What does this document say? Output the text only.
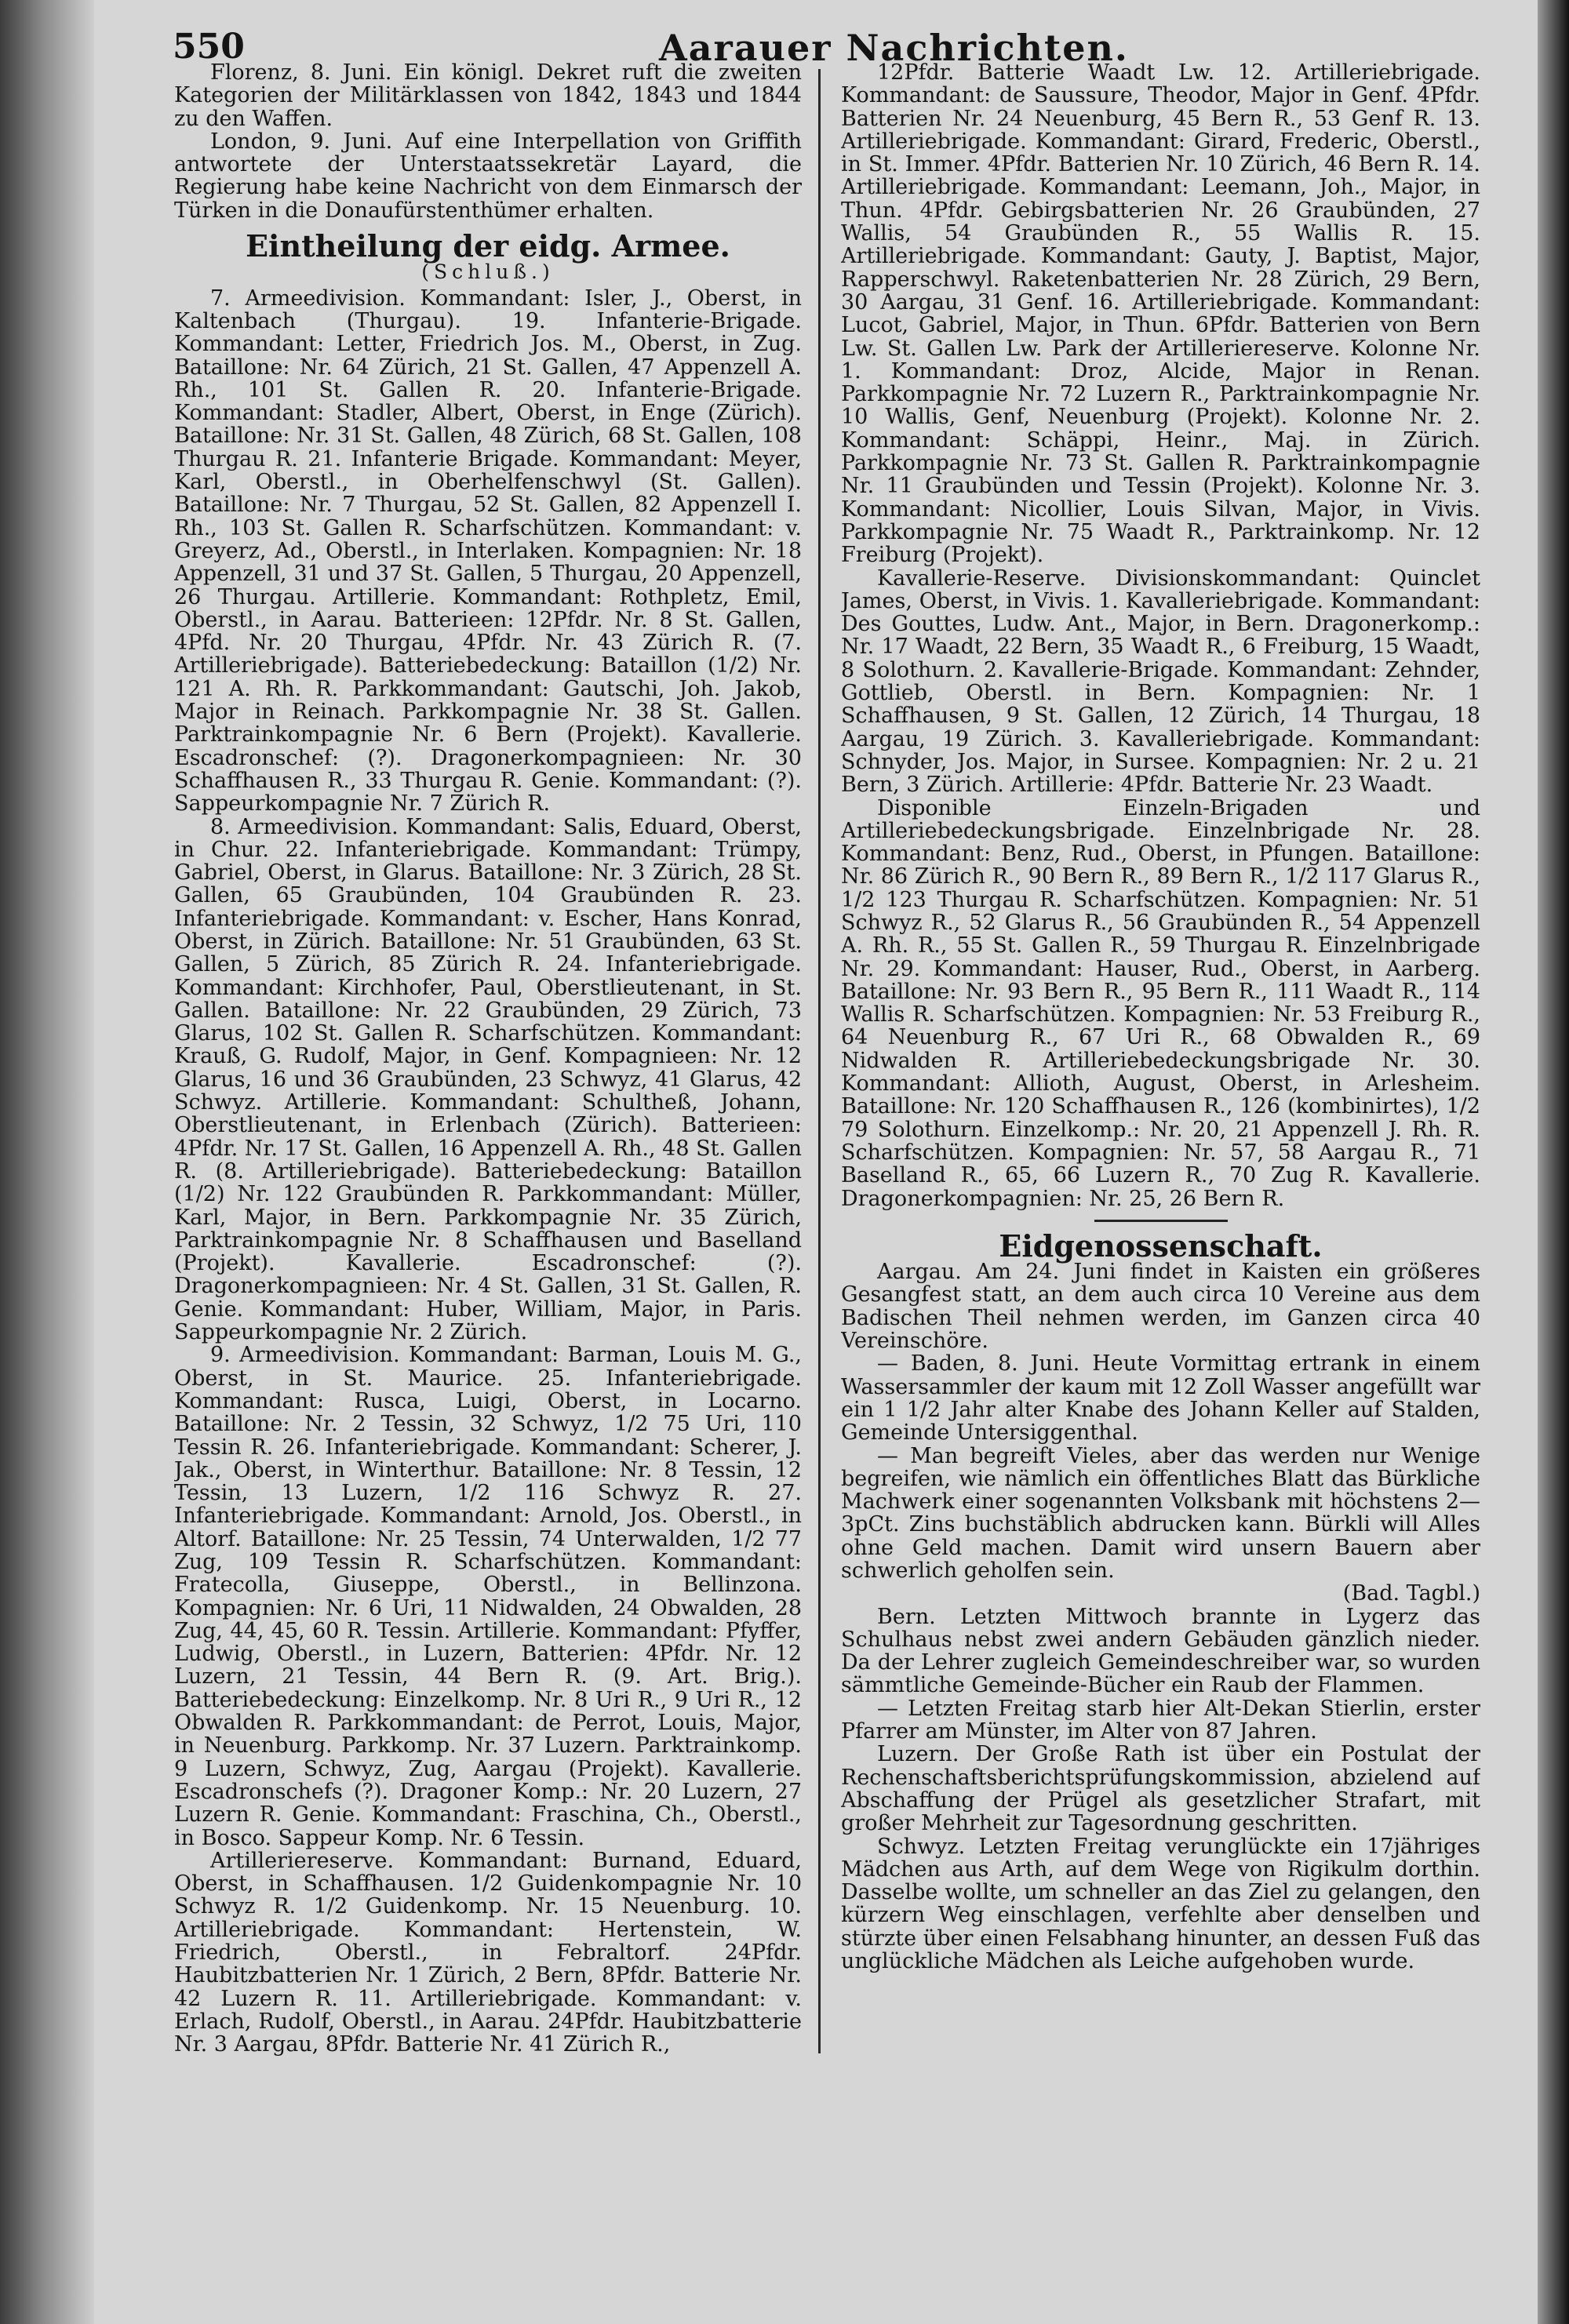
550	Aarauer Nachrichten.

Florenz, 8. Juni. Ein königl. Dekret ruft die zweiten Kategorien der Militärklassen von 1842, 1843 und 1844 zu den Waffen.

London, 9. Juni. Auf eine Interpellation von Griffith antwortete der Unterstaatssekretär Layard, die Regierung habe keine Nachricht von dem Einmarsch der Türken in die Donaufürstenthümer erhalten.

Eintheilung der eidg. Armee.

(Schluß.)

7. Armeedivision. Kommandant: Isler, J., Oberst, in Kaltenbach (Thurgau). 19. Infanterie-Brigade. Kommandant: Letter, Friedrich Jos. M., Oberst, in Zug. Bataillone: Nr. 64 Zürich, 21 St. Gallen, 47 Appenzell A. Rh., 101 St. Gallen R. 20. Infanterie-Brigade. Kommandant: Stadler, Albert, Oberst, in Enge (Zürich). Bataillone: Nr. 31 St. Gallen, 48 Zürich, 68 St. Gallen, 108 Thurgau R. 21. Infanterie Brigade. Kommandant: Meyer, Karl, Oberstl., in Oberhelfenschwyl (St. Gallen). Bataillone: Nr. 7 Thurgau, 52 St. Gallen, 82 Appenzell I. Rh., 103 St. Gallen R. Scharfschützen. Kommandant: v. Greyerz, Ad., Oberstl., in Interlaken. Kompagnien: Nr. 18 Appenzell, 31 und 37 St. Gallen, 5 Thurgau, 20 Appenzell, 26 Thurgau. Artillerie. Kommandant: Rothpletz, Emil, Oberstl., in Aarau. Batterieen: 12Pfdr. Nr. 8 St. Gallen, 4Pfd. Nr. 20 Thurgau, 4Pfdr. Nr. 43 Zürich R. (7. Artilleriebrigade). Batteriebedeckung: Bataillon (1/2) Nr. 121 A. Rh. R. Parkkommandant: Gautschi, Joh. Jakob, Major in Reinach. Parkkompagnie Nr. 38 St. Gallen. Parktrainkompagnie Nr. 6 Bern (Projekt). Kavallerie. Escadronschef: (?). Dragonerkompagnieen: Nr. 30 Schaffhausen R., 33 Thurgau R. Genie. Kommandant: (?). Sappeurkompagnie Nr. 7 Zürich R.

8. Armeedivision. Kommandant: Salis, Eduard, Oberst, in Chur. 22. Infanteriebrigade. Kommandant: Trümpy, Gabriel, Oberst, in Glarus. Bataillone: Nr. 3 Zürich, 28 St. Gallen, 65 Graubünden, 104 Graubünden R. 23. Infanteriebrigade. Kommandant: v. Escher, Hans Konrad, Oberst, in Zürich. Bataillone: Nr. 51 Graubünden, 63 St. Gallen, 5 Zürich, 85 Zürich R. 24. Infanteriebrigade. Kommandant: Kirchhofer, Paul, Oberstlieutenant, in St. Gallen. Bataillone: Nr. 22 Graubünden, 29 Zürich, 73 Glarus, 102 St. Gallen R. Scharfschützen. Kommandant: Krauß, G. Rudolf, Major, in Genf. Kompagnieen: Nr. 12 Glarus, 16 und 36 Graubünden, 23 Schwyz, 41 Glarus, 42 Schwyz. Artillerie. Kommandant: Schultheß, Johann, Oberstlieutenant, in Erlenbach (Zürich). Batterieen: 4Pfdr. Nr. 17 St. Gallen, 16 Appenzell A. Rh., 48 St. Gallen R. (8. Artilleriebrigade). Batteriebedeckung: Bataillon (1/2) Nr. 122 Graubünden R. Parkkommandant: Müller, Karl, Major, in Bern. Parkkompagnie Nr. 35 Zürich, Parktrainkompagnie Nr. 8 Schaffhausen und Baselland (Projekt). Kavallerie. Escadronschef: (?). Dragonerkompagnieen: Nr. 4 St. Gallen, 31 St. Gallen, R. Genie. Kommandant: Huber, William, Major, in Paris. Sappeurkompagnie Nr. 2 Zürich.

9. Armeedivision. Kommandant: Barman, Louis M. G., Oberst, in St. Maurice. 25. Infanteriebrigade. Kommandant: Rusca, Luigi, Oberst, in Locarno. Bataillone: Nr. 2 Tessin, 32 Schwyz, 1/2 75 Uri, 110 Tessin R. 26. Infanteriebrigade. Kommandant: Scherer, J. Jak., Oberst, in Winterthur. Bataillone: Nr. 8 Tessin, 12 Tessin, 13 Luzern, 1/2 116 Schwyz R. 27. Infanteriebrigade. Kommandant: Arnold, Jos. Oberstl., in Altorf. Bataillone: Nr. 25 Tessin, 74 Unterwalden, 1/2 77 Zug, 109 Tessin R. Scharfschützen. Kommandant: Fratecolla, Giuseppe, Oberstl., in Bellinzona. Kompagnien: Nr. 6 Uri, 11 Nidwalden, 24 Obwalden, 28 Zug, 44, 45, 60 R. Tessin. Artillerie. Kommandant: Pfyffer, Ludwig, Oberstl., in Luzern, Batterien: 4Pfdr. Nr. 12 Luzern, 21 Tessin, 44 Bern R. (9. Art. Brig.). Batteriebedeckung: Einzelkomp. Nr. 8 Uri R., 9 Uri R., 12 Obwalden R. Parkkommandant: de Perrot, Louis, Major, in Neuenburg. Parkkomp. Nr. 37 Luzern. Parktrainkomp. 9 Luzern, Schwyz, Zug, Aargau (Projekt). Kavallerie. Escadronschefs (?). Dragoner Komp.: Nr. 20 Luzern, 27 Luzern R. Genie. Kommandant: Fraschina, Ch., Oberstl., in Bosco. Sappeur Komp. Nr. 6 Tessin.

Artilleriereserve. Kommandant: Burnand, Eduard, Oberst, in Schaffhausen. 1/2 Guidenkompagnie Nr. 10 Schwyz R. 1/2 Guidenkomp. Nr. 15 Neuenburg. 10. Artilleriebrigade. Kommandant: Hertenstein, W. Friedrich, Oberstl., in Febraltorf. 24Pfdr. Haubitzbatterien Nr. 1 Zürich, 2 Bern, 8Pfdr. Batterie Nr. 42 Luzern R. 11. Artilleriebrigade. Kommandant: v. Erlach, Rudolf, Oberstl., in Aarau. 24Pfdr. Haubitzbatterie Nr. 3 Aargau, 8Pfdr. Batterie Nr. 41 Zürich R.,

12Pfdr. Batterie Waadt Lw. 12. Artilleriebrigade. Kommandant: de Saussure, Theodor, Major in Genf. 4Pfdr. Batterien Nr. 24 Neuenburg, 45 Bern R., 53 Genf R. 13. Artilleriebrigade. Kommandant: Girard, Frederic, Oberstl., in St. Immer. 4Pfdr. Batterien Nr. 10 Zürich, 46 Bern R. 14. Artilleriebrigade. Kommandant: Leemann, Joh., Major, in Thun. 4Pfdr. Gebirgsbatterien Nr. 26 Graubünden, 27 Wallis, 54 Graubünden R., 55 Wallis R. 15. Artilleriebrigade. Kommandant: Gauty, J. Baptist, Major, Rapperschwyl. Raketenbatterien Nr. 28 Zürich, 29 Bern, 30 Aargau, 31 Genf. 16. Artilleriebrigade. Kommandant: Lucot, Gabriel, Major, in Thun. 6Pfdr. Batterien von Bern Lw. St. Gallen Lw. Park der Artilleriereserve. Kolonne Nr. 1. Kommandant: Droz, Alcide, Major in Renan. Parkkompagnie Nr. 72 Luzern R., Parktrainkompagnie Nr. 10 Wallis, Genf, Neuenburg (Projekt). Kolonne Nr. 2. Kommandant: Schäppi, Heinr., Maj. in Zürich. Parkkompagnie Nr. 73 St. Gallen R. Parktrainkompagnie Nr. 11 Graubünden und Tessin (Projekt). Kolonne Nr. 3. Kommandant: Nicollier, Louis Silvan, Major, in Vivis. Parkkompagnie Nr. 75 Waadt R., Parktrainkomp. Nr. 12 Freiburg (Projekt).

Kavallerie-Reserve. Divisionskommandant: Quinclet James, Oberst, in Vivis. 1. Kavalleriebrigade. Kommandant: Des Gouttes, Ludw. Ant., Major, in Bern. Dragonerkomp.: Nr. 17 Waadt, 22 Bern, 35 Waadt R., 6 Freiburg, 15 Waadt, 8 Solothurn. 2. Kavallerie-Brigade. Kommandant: Zehnder, Gottlieb, Oberstl. in Bern. Kompagnien: Nr. 1 Schaffhausen, 9 St. Gallen, 12 Zürich, 14 Thurgau, 18 Aargau, 19 Zürich. 3. Kavalleriebrigade. Kommandant: Schnyder, Jos. Major, in Sursee. Kompagnien: Nr. 2 u. 21 Bern, 3 Zürich. Artillerie: 4Pfdr. Batterie Nr. 23 Waadt.

Disponible Einzeln-Brigaden und Artilleriebedeckungsbrigade. Einzelnbrigade Nr. 28. Kommandant: Benz, Rud., Oberst, in Pfungen. Bataillone: Nr. 86 Zürich R., 90 Bern R., 89 Bern R., 1/2 117 Glarus R., 1/2 123 Thurgau R. Scharfschützen. Kompagnien: Nr. 51 Schwyz R., 52 Glarus R., 56 Graubünden R., 54 Appenzell A. Rh. R., 55 St. Gallen R., 59 Thurgau R. Einzelnbrigade Nr. 29. Kommandant: Hauser, Rud., Oberst, in Aarberg. Bataillone: Nr. 93 Bern R., 95 Bern R., 111 Waadt R., 114 Wallis R. Scharfschützen. Kompagnien: Nr. 53 Freiburg R., 64 Neuenburg R., 67 Uri R., 68 Obwalden R., 69 Nidwalden R. Artilleriebedeckungsbrigade Nr. 30. Kommandant: Allioth, August, Oberst, in Arlesheim. Bataillone: Nr. 120 Schaffhausen R., 126 (kombinirtes), 1/2 79 Solothurn. Einzelkomp.: Nr. 20, 21 Appenzell J. Rh. R. Scharfschützen. Kompagnien: Nr. 57, 58 Aargau R., 71 Baselland R., 65, 66 Luzern R., 70 Zug R. Kavallerie. Dragonerkompagnien: Nr. 25, 26 Bern R.

Eidgenossenschaft.

Aargau. Am 24. Juni findet in Kaisten ein größeres Gesangfest statt, an dem auch circa 10 Vereine aus dem Badischen Theil nehmen werden, im Ganzen circa 40 Vereinschöre.

— Baden, 8. Juni. Heute Vormittag ertrank in einem Wassersammler der kaum mit 12 Zoll Wasser angefüllt war ein 1 1/2 Jahr alter Knabe des Johann Keller auf Stalden, Gemeinde Untersiggenthal.

— Man begreift Vieles, aber das werden nur Wenige begreifen, wie nämlich ein öffentliches Blatt das Bürkliche Machwerk einer sogenannten Volksbank mit höchstens 2—3pCt. Zins buchstäblich abdrucken kann. Bürkli will Alles ohne Geld machen. Damit wird unsern Bauern aber schwerlich geholfen sein.

(Bad. Tagbl.)

Bern. Letzten Mittwoch brannte in Lygerz das Schulhaus nebst zwei andern Gebäuden gänzlich nieder. Da der Lehrer zugleich Gemeindeschreiber war, so wurden sämmtliche Gemeinde-Bücher ein Raub der Flammen.

— Letzten Freitag starb hier Alt-Dekan Stierlin, erster Pfarrer am Münster, im Alter von 87 Jahren.

Luzern. Der Große Rath ist über ein Postulat der Rechenschaftsberichtsprüfungskommission, abzielend auf Abschaffung der Prügel als gesetzlicher Strafart, mit großer Mehrheit zur Tagesordnung geschritten.

Schwyz. Letzten Freitag verunglückte ein 17jähriges Mädchen aus Arth, auf dem Wege von Rigikulm dorthin. Dasselbe wollte, um schneller an das Ziel zu gelangen, den kürzern Weg einschlagen, verfehlte aber denselben und stürzte über einen Felsabhang hinunter, an dessen Fuß das unglückliche Mädchen als Leiche aufgehoben wurde.
